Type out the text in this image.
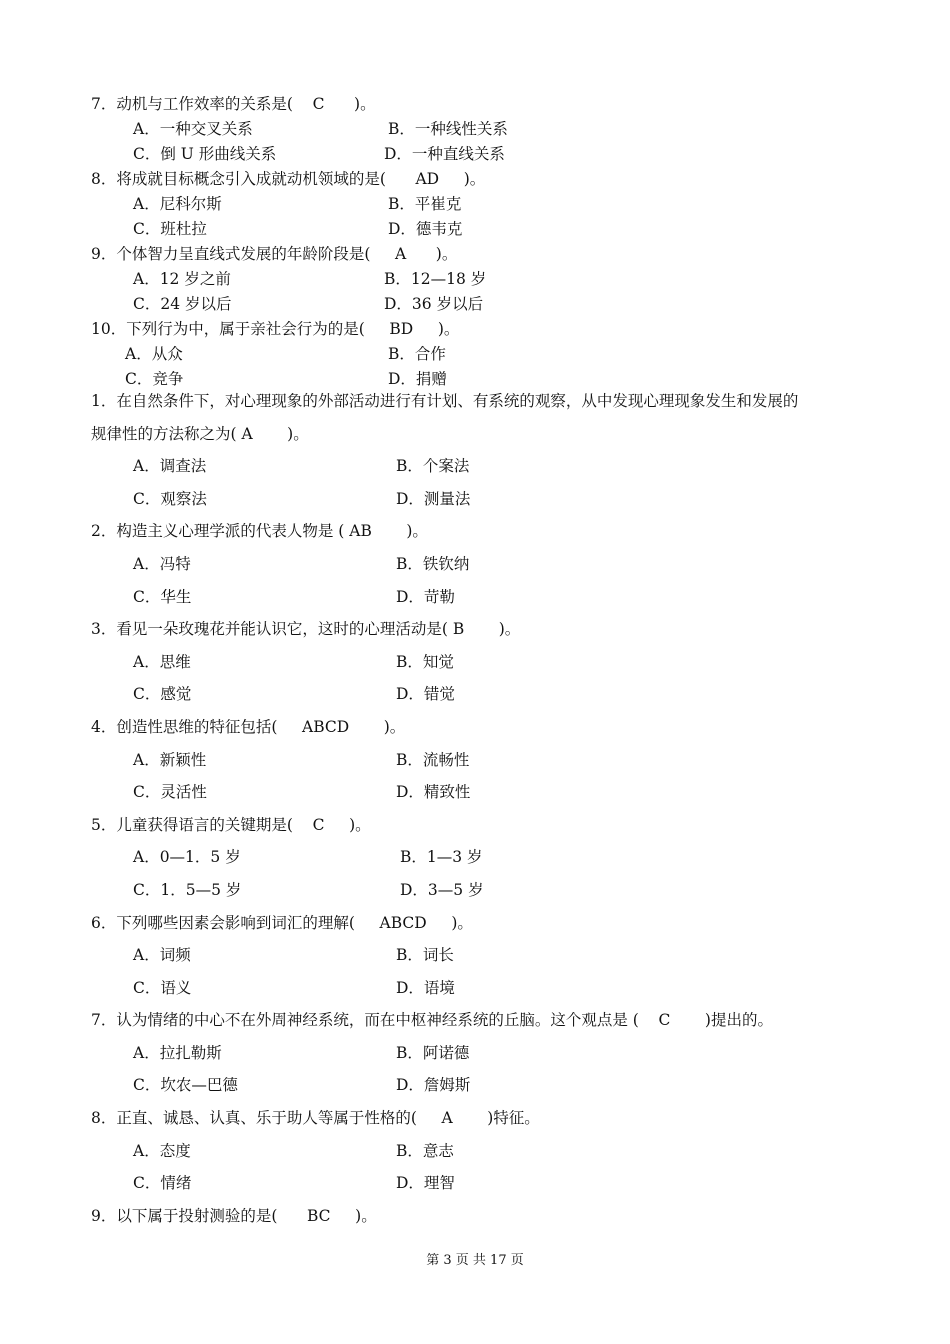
7．动机与工作效率的关系是(    C      )。
A．一种交叉关系	B．一种线性关系
C．倒 U 形曲线关系	D．一种直线关系
8．将成就目标概念引入成就动机领域的是(      AD     )。
A．尼科尔斯	B．平崔克
C．班杜拉	D．德韦克
9．个体智力呈直线式发展的年龄阶段是(     A      )。
A．12 岁之前	B．12—18 岁
C．24 岁以后	D．36 岁以后
10．下列行为中，属于亲社会行为的是(     BD     )。
A．从众	B．合作
C．竞争	D．捐赠
1．在自然条件下，对心理现象的外部活动进行有计划、有系统的观察，从中发现心理现象发生和发展的
规律性的方法称之为( A       )。
A．调查法	B．个案法
C．观察法	D．测量法
2．构造主义心理学派的代表人物是 ( AB       )。
A．冯特	B．铁钦纳
C．华生	D．苛勒
3．看见一朵玫瑰花并能认识它，这时的心理活动是( B       )。
A．思维	B．知觉
C．感觉	D．错觉
4．创造性思维的特征包括(     ABCD       )。
A．新颖性	B．流畅性
C．灵活性	D．精致性
5．儿童获得语言的关键期是(    C     )。
A．0—1．5 岁	B．1—3 岁
C．1．5—5 岁	D．3—5 岁
6．下列哪些因素会影响到词汇的理解(     ABCD     )。
A．词频	B．词长
C．语义	D．语境
7．认为情绪的中心不在外周神经系统，而在中枢神经系统的丘脑。这个观点是 (    C       )提出的。
A．拉扎勒斯	B．阿诺德
C．坎农—巴德	D．詹姆斯
8．正直、诚恳、认真、乐于助人等属于性格的(     A       )特征。
A．态度	B．意志
C．情绪	D．理智
9．以下属于投射测验的是(      BC     )。
第 3 页 共 17 页
